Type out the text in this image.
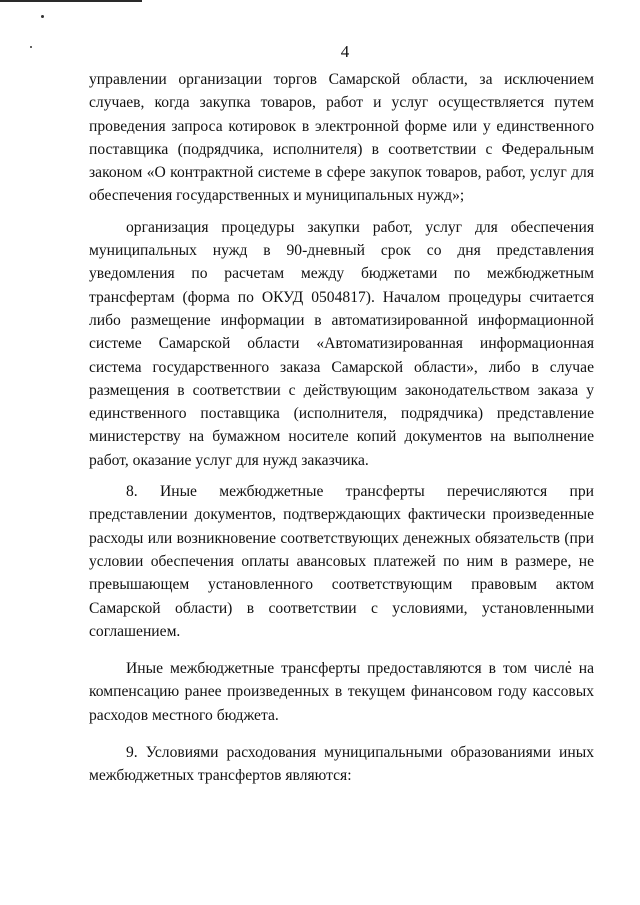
4

управлении организации торгов Самарской области, за исключением случаев, когда закупка товаров, работ и услуг осуществляется путем проведения запроса котировок в электронной форме или у единственного поставщика (подрядчика, исполнителя) в соответствии с Федеральным законом «О контрактной системе в сфере закупок товаров, работ, услуг для обеспечения государственных и муниципальных нужд»;

организация процедуры закупки работ, услуг для обеспечения муниципальных нужд в 90-дневный срок со дня представления уведомления по расчетам между бюджетами по межбюджетным трансфертам (форма по ОКУД 0504817). Началом процедуры считается либо размещение информации в автоматизированной информационной системе Самарской области «Автоматизированная информационная система государственного заказа Самарской области», либо в случае размещения в соответствии с действующим законодательством заказа у единственного поставщика (исполнителя, подрядчика) представление министерству на бумажном носителе копий документов на выполнение работ, оказание услуг для нужд заказчика.

8. Иные межбюджетные трансферты перечисляются при представлении документов, подтверждающих фактически произведенные расходы или возникновение соответствующих денежных обязательств (при условии обеспечения оплаты авансовых платежей по ним в размере, не превышающем установленного соответствующим правовым актом Самарской области) в соответствии с условиями, установленными соглашением.

Иные межбюджетные трансферты предоставляются в том числе на компенсацию ранее произведенных в текущем финансовом году кассовых расходов местного бюджета.

9. Условиями расходования муниципальными образованиями иных межбюджетных трансфертов являются:
